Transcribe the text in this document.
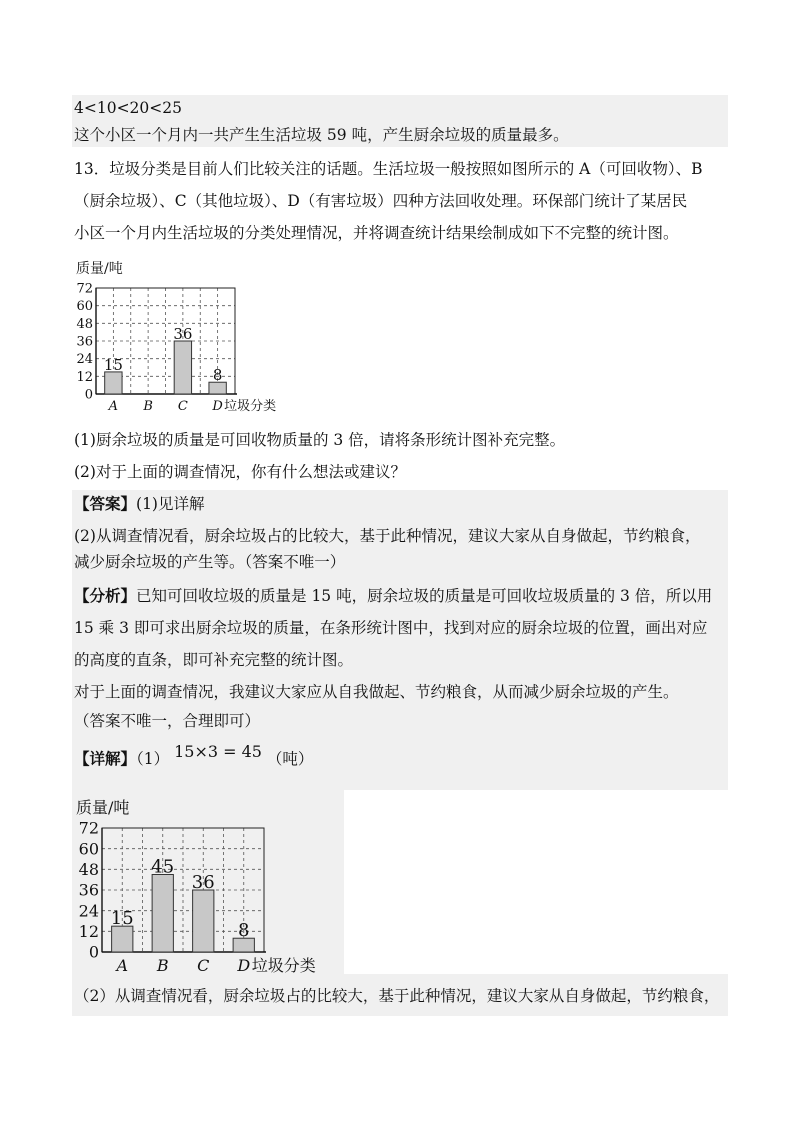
4<10<20<25
这个小区一个月内一共产生生活垃圾 59 吨，产生厨余垃圾的质量最多。
13．垃圾分类是目前人们比较关注的话题。生活垃圾一般按照如图所示的 A（可回收物）、B
（厨余垃圾）、C（其他垃圾）、D（有害垃圾）四种方法回收处理。环保部门统计了某居民
小区一个月内生活垃圾的分类处理情况，并将调查统计结果绘制成如下不完整的统计图。
质量/吨
0
12
24
36
48
60
72
15
A B
36
C
8
D 垃圾分类
(1)厨余垃圾的质量是可回收物质量的 3 倍，请将条形统计图补充完整。
(2)对于上面的调查情况，你有什么想法或建议？
【答案】(1)见详解
(2)从调查情况看，厨余垃圾占的比较大，基于此种情况，建议大家从自身做起，节约粮食，
减少厨余垃圾的产生等。（答案不唯一）
【分析】已知可回收垃圾的质量是 15 吨，厨余垃圾的质量是可回收垃圾质量的 3 倍，所以用
15 乘 3 即可求出厨余垃圾的质量，在条形统计图中，找到对应的厨余垃圾的位置，画出对应
的高度的直条，即可补充完整的统计图。
对于上面的调查情况，我建议大家应从自我做起、节约粮食，从而减少厨余垃圾的产生。
（答案不唯一，合理即可）
【详解】（1） 15×3 = 45 （吨）
质量/吨
0
12
24
36
48
60
72
15
A
45
B
36
C
8
D 垃圾分类
（2）从调查情况看，厨余垃圾占的比较大，基于此种情况，建议大家从自身做起，节约粮食，
